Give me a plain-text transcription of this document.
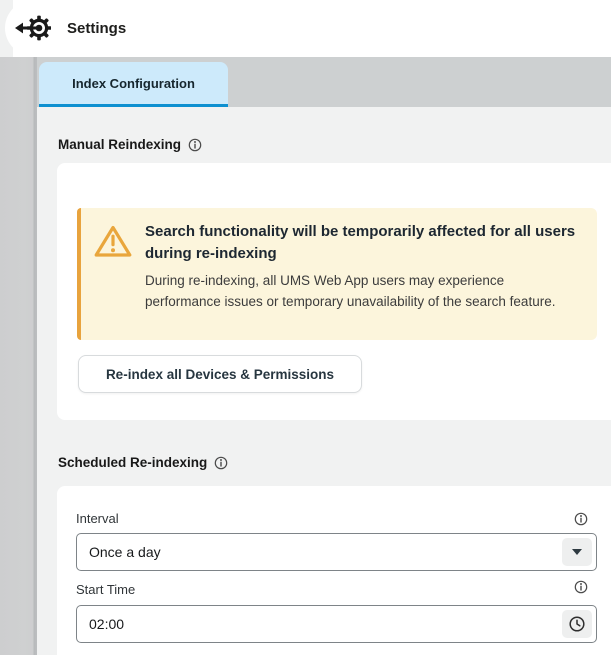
Settings
Index Configuration
Manual Reindexing
Search functionality will be temporarily affected for all users during re-indexing
During re-indexing, all UMS Web App users may experience performance issues or temporary unavailability of the search feature.
Re-index all Devices & Permissions
Scheduled Re-indexing
Interval
Once a day
Start Time
02:00
